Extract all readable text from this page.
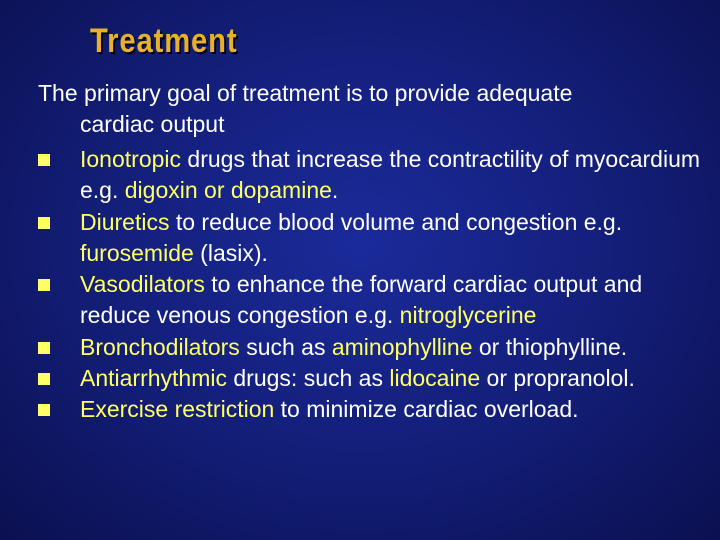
Treatment
The primary goal of treatment is to provide adequate
cardiac output
Ionotropic drugs that increase the contractility of myocardium e.g. digoxin or dopamine.
Diuretics to reduce blood volume and congestion e.g. furosemide (lasix).
Vasodilators to enhance the forward cardiac output and reduce venous congestion e.g. nitroglycerine
Bronchodilators such as aminophylline or thiophylline.
Antiarrhythmic drugs: such as lidocaine or propranolol.
Exercise restriction to minimize cardiac overload.
